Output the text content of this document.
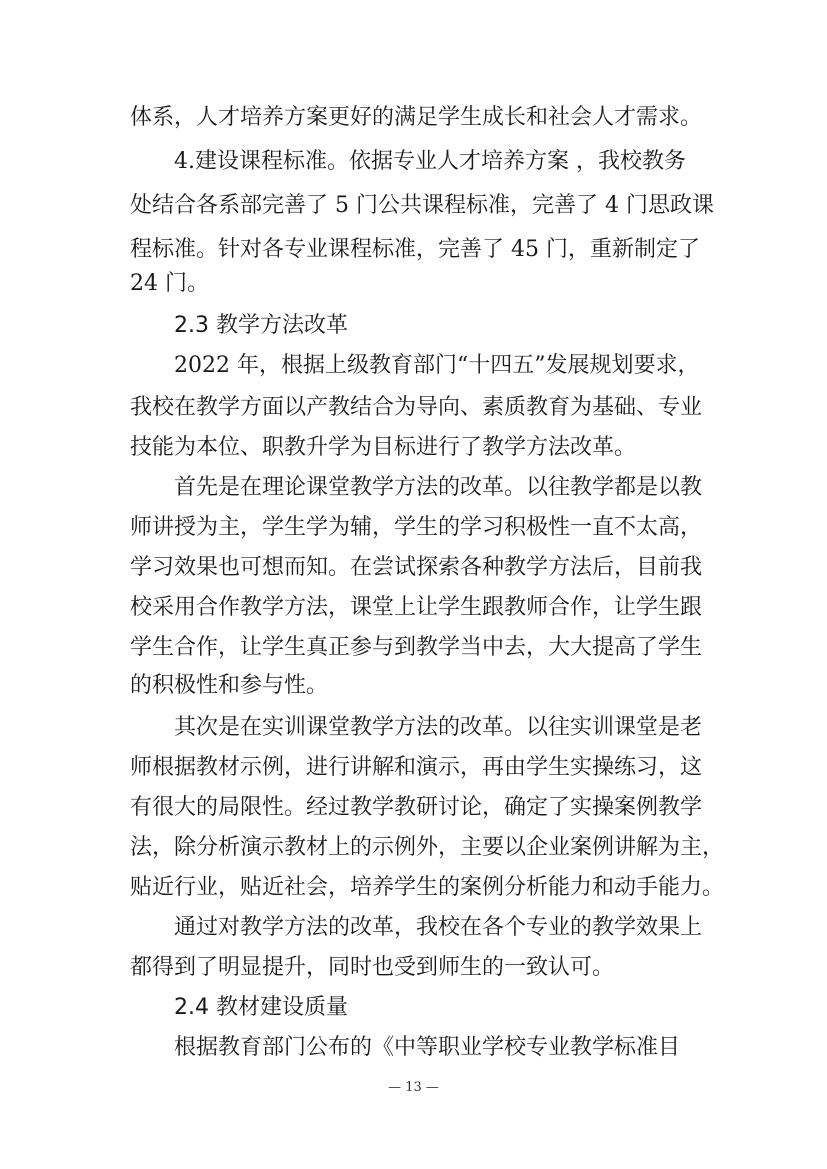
体系，人才培养方案更好的满足学生成长和社会人才需求。
4.建设课程标准。依据专业人才培养方案 ，我校教务
处结合各系部完善了 5 门公共课程标准，完善了 4 门思政课
程标准。针对各专业课程标准，完善了 45 门，重新制定了
24 门。
2.3 教学方法改革
2022 年，根据上级教育部门“十四五”发展规划要求，
我校在教学方面以产教结合为导向、素质教育为基础、专业
技能为本位、职教升学为目标进行了教学方法改革。
首先是在理论课堂教学方法的改革。以往教学都是以教
师讲授为主，学生学为辅，学生的学习积极性一直不太高，
学习效果也可想而知。在尝试探索各种教学方法后，目前我
校采用合作教学方法，课堂上让学生跟教师合作，让学生跟
学生合作，让学生真正参与到教学当中去，大大提高了学生
的积极性和参与性。
其次是在实训课堂教学方法的改革。以往实训课堂是老
师根据教材示例，进行讲解和演示，再由学生实操练习，这
有很大的局限性。经过教学教研讨论，确定了实操案例教学
法，除分析演示教材上的示例外，主要以企业案例讲解为主，
贴近行业，贴近社会，培养学生的案例分析能力和动手能力。
通过对教学方法的改革，我校在各个专业的教学效果上
都得到了明显提升，同时也受到师生的一致认可。
2.4 教材建设质量
根据教育部门公布的《中等职业学校专业教学标准目
— 13 —
